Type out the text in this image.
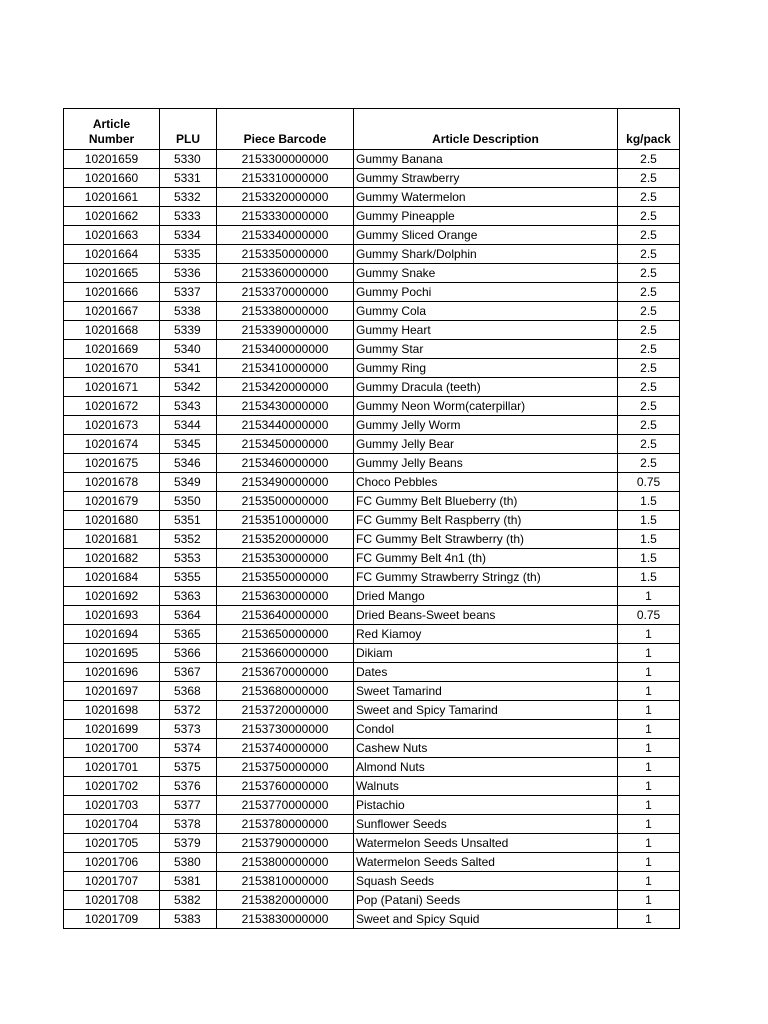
Article
Number	PLU	Piece Barcode	Article Description	kg/pack
10201659	5330	2153300000000	Gummy Banana	2.5
10201660	5331	2153310000000	Gummy Strawberry	2.5
10201661	5332	2153320000000	Gummy Watermelon	2.5
10201662	5333	2153330000000	Gummy Pineapple	2.5
10201663	5334	2153340000000	Gummy Sliced Orange	2.5
10201664	5335	2153350000000	Gummy Shark/Dolphin	2.5
10201665	5336	2153360000000	Gummy Snake	2.5
10201666	5337	2153370000000	Gummy Pochi	2.5
10201667	5338	2153380000000	Gummy Cola	2.5
10201668	5339	2153390000000	Gummy Heart	2.5
10201669	5340	2153400000000	Gummy Star	2.5
10201670	5341	2153410000000	Gummy Ring	2.5
10201671	5342	2153420000000	Gummy Dracula (teeth)	2.5
10201672	5343	2153430000000	Gummy Neon Worm(caterpillar)	2.5
10201673	5344	2153440000000	Gummy Jelly Worm	2.5
10201674	5345	2153450000000	Gummy Jelly Bear	2.5
10201675	5346	2153460000000	Gummy Jelly Beans	2.5
10201678	5349	2153490000000	Choco Pebbles	0.75
10201679	5350	2153500000000	FC Gummy Belt Blueberry (th)	1.5
10201680	5351	2153510000000	FC Gummy Belt Raspberry (th)	1.5
10201681	5352	2153520000000	FC Gummy Belt Strawberry (th)	1.5
10201682	5353	2153530000000	FC Gummy Belt 4n1 (th)	1.5
10201684	5355	2153550000000	FC Gummy Strawberry Stringz (th)	1.5
10201692	5363	2153630000000	Dried Mango	1
10201693	5364	2153640000000	Dried Beans-Sweet beans	0.75
10201694	5365	2153650000000	Red Kiamoy	1
10201695	5366	2153660000000	Dikiam	1
10201696	5367	2153670000000	Dates	1
10201697	5368	2153680000000	Sweet Tamarind	1
10201698	5372	2153720000000	Sweet and Spicy Tamarind	1
10201699	5373	2153730000000	Condol	1
10201700	5374	2153740000000	Cashew Nuts	1
10201701	5375	2153750000000	Almond Nuts	1
10201702	5376	2153760000000	Walnuts	1
10201703	5377	2153770000000	Pistachio	1
10201704	5378	2153780000000	Sunflower Seeds	1
10201705	5379	2153790000000	Watermelon Seeds Unsalted	1
10201706	5380	2153800000000	Watermelon Seeds Salted	1
10201707	5381	2153810000000	Squash Seeds	1
10201708	5382	2153820000000	Pop (Patani) Seeds	1
10201709	5383	2153830000000	Sweet and Spicy Squid	1
